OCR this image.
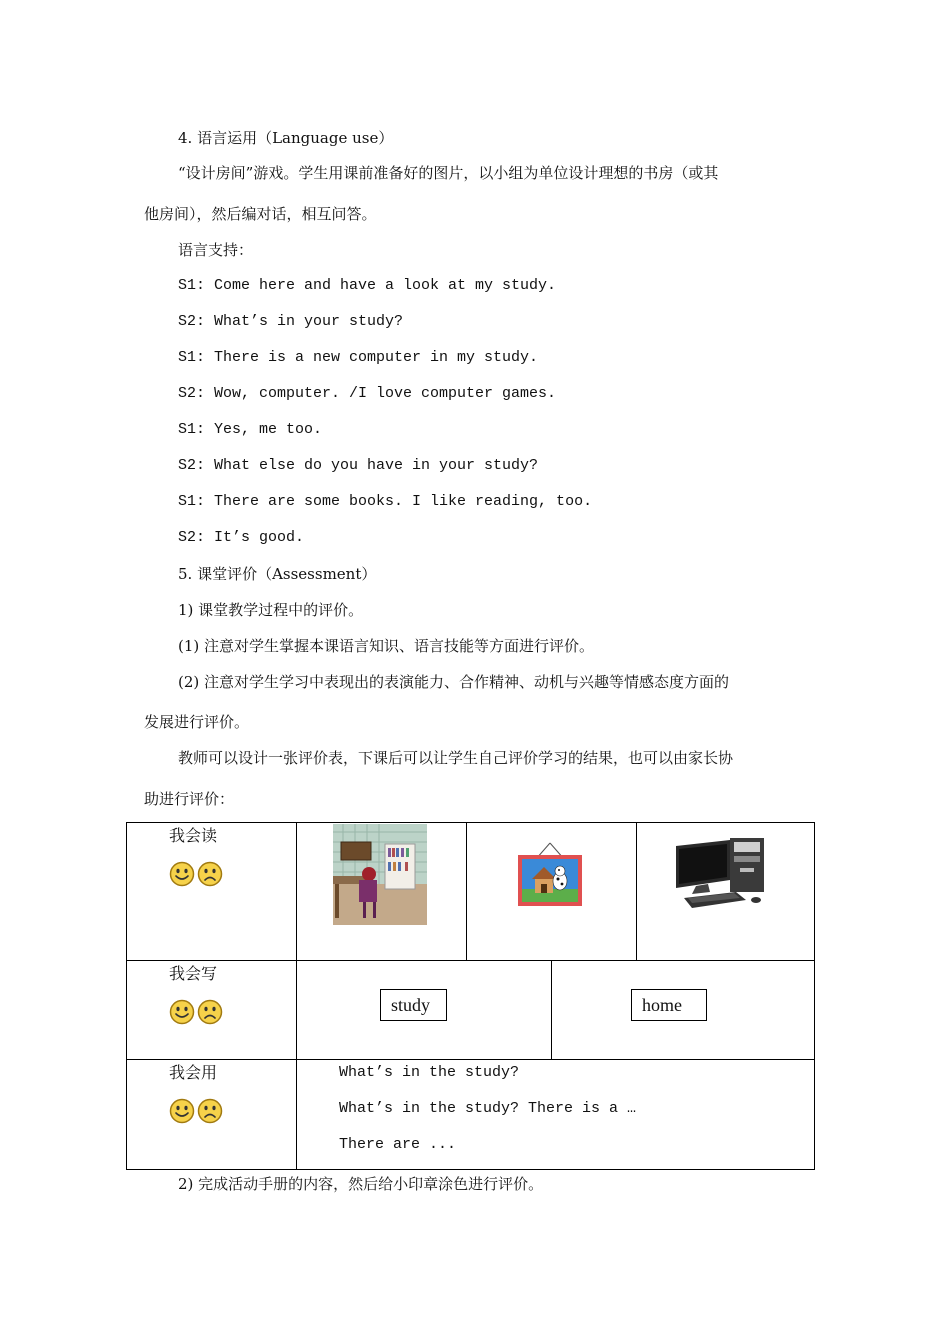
4. 语言运用（Language use）
“设计房间”游戏。学生用课前准备好的图片，以小组为单位设计理想的书房（或其
他房间），然后编对话，相互问答。
语言支持：
S1: Come here and have a look at my study.
S2: What’s in your study?
S1: There is a new computer in my study.
S2: Wow, computer. /I love computer games.
S1: Yes, me too.
S2: What else do you have in your study?
S1: There are some books. I like reading, too.
S2: It’s good.
5. 课堂评价（Assessment）
1) 课堂教学过程中的评价。
(1) 注意对学生掌握本课语言知识、语言技能等方面进行评价。
(2) 注意对学生学习中表现出的表演能力、合作精神、动机与兴趣等情感态度方面的
发展进行评价。
教师可以设计一张评价表，下课后可以让学生自己评价学习的结果，也可以由家长协
助进行评价：
我会读
我会写
study	home
我会用	What’s in the study?
What’s in the study? There is a …
There are ...
2) 完成活动手册的内容，然后给小印章涂色进行评价。
